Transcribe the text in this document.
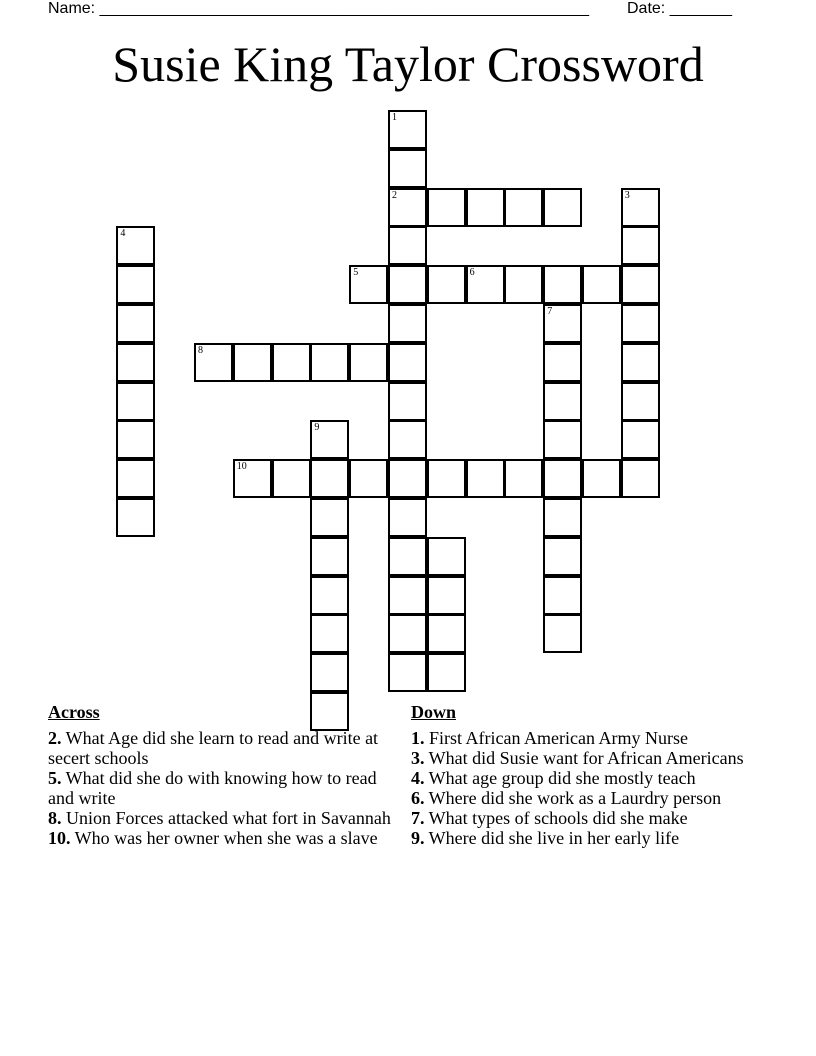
Name: _______________________________________________________ Date: _______
Susie King Taylor Crossword
1
2	3
4
5	6
8
9
7
10
Across

2. What Age did she learn to read and write at secert schools

5. What did she do with knowing how to read and write

8. Union Forces attacked what fort in Savannah

10. Who was her owner when she was a slave

Down

1. First African American Army Nurse

3. What did Susie want for African Americans

4. What age group did she mostly teach

6. Where did she work as a Laurdry person

7. What types of schools did she make

9. Where did she live in her early life
